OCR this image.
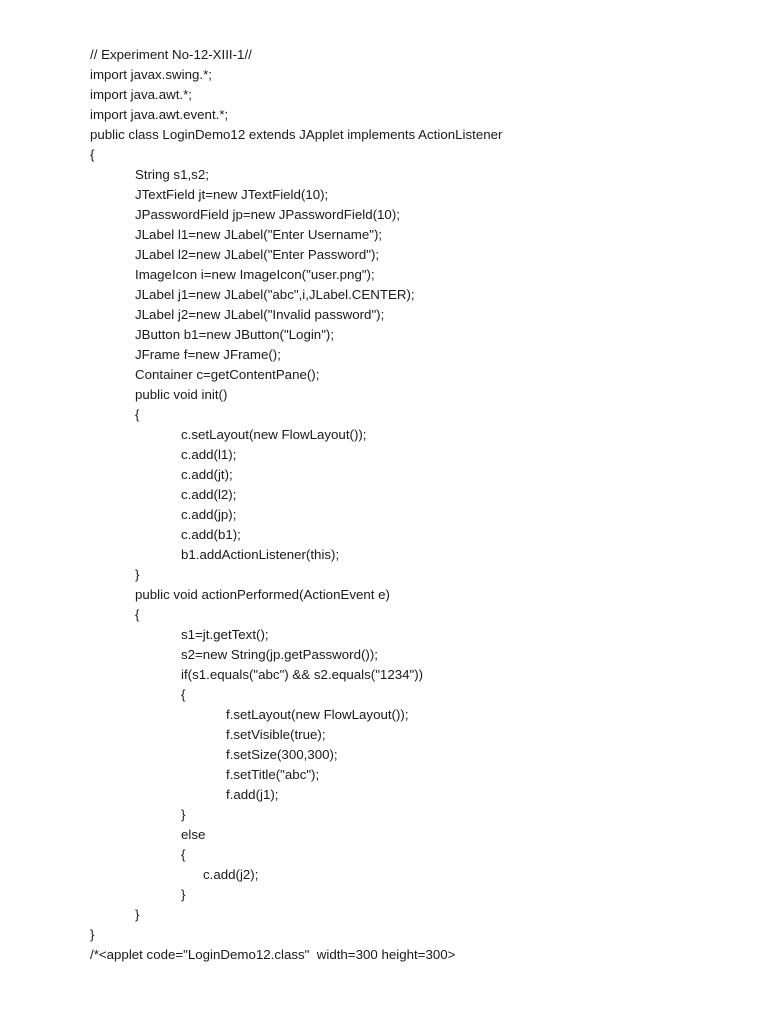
// Experiment No-12-XIII-1//
import javax.swing.*;
import java.awt.*;
import java.awt.event.*;
public class LoginDemo12 extends JApplet implements ActionListener
{
String s1,s2;
JTextField jt=new JTextField(10);
JPasswordField jp=new JPasswordField(10);
JLabel l1=new JLabel("Enter Username");
JLabel l2=new JLabel("Enter Password");
ImageIcon i=new ImageIcon("user.png");
JLabel j1=new JLabel("abc",i,JLabel.CENTER);
JLabel j2=new JLabel("Invalid password");
JButton b1=new JButton("Login");
JFrame f=new JFrame();
Container c=getContentPane();
public void init()
{
c.setLayout(new FlowLayout());
c.add(l1);
c.add(jt);
c.add(l2);
c.add(jp);
c.add(b1);
b1.addActionListener(this);
}
public void actionPerformed(ActionEvent e)
{
s1=jt.getText();
s2=new String(jp.getPassword());
if(s1.equals("abc") && s2.equals("1234"))
{
f.setLayout(new FlowLayout());
f.setVisible(true);
f.setSize(300,300);
f.setTitle("abc");
f.add(j1);
}
else
{
c.add(j2);
}
}
}
/*<applet code="LoginDemo12.class"  width=300 height=300>
